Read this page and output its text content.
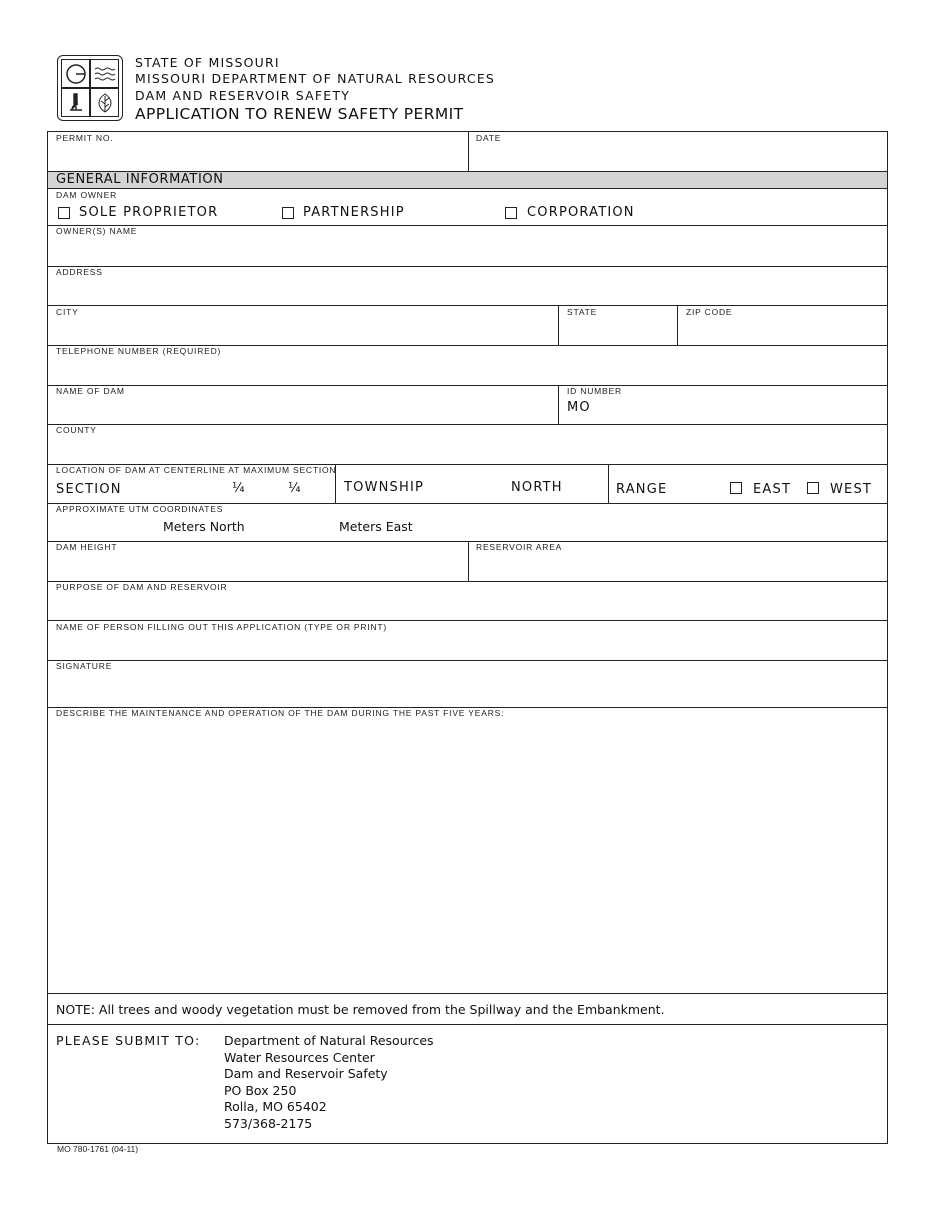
STATE OF MISSOURI
MISSOURI DEPARTMENT OF NATURAL RESOURCES
DAM AND RESERVOIR SAFETY
APPLICATION TO RENEW SAFETY PERMIT
PERMIT NO.	DATE
GENERAL INFORMATION
DAM OWNER
SOLE PROPRIETOR	PARTNERSHIP	CORPORATION
OWNER(S) NAME
ADDRESS
CITY	STATE	ZIP CODE
TELEPHONE NUMBER (REQUIRED)
NAME OF DAM	ID NUMBER
MO
COUNTY
LOCATION OF DAM AT CENTERLINE AT MAXIMUM SECTION
SECTION	¼	¼	TOWNSHIP	NORTH	RANGE	EAST	WEST
APPROXIMATE UTM COORDINATES
Meters North	Meters East
DAM HEIGHT	RESERVOIR AREA
PURPOSE OF DAM AND RESERVOIR
NAME OF PERSON FILLING OUT THIS APPLICATION (TYPE OR PRINT)
SIGNATURE
DESCRIBE THE MAINTENANCE AND OPERATION OF THE DAM DURING THE PAST FIVE YEARS:
NOTE: All trees and woody vegetation must be removed from the Spillway and the Embankment.
PLEASE SUBMIT TO: Department of Natural Resources
Water Resources Center
Dam and Reservoir Safety
PO Box 250
Rolla, MO 65402
573/368-2175
MO 780-1761 (04-11)
